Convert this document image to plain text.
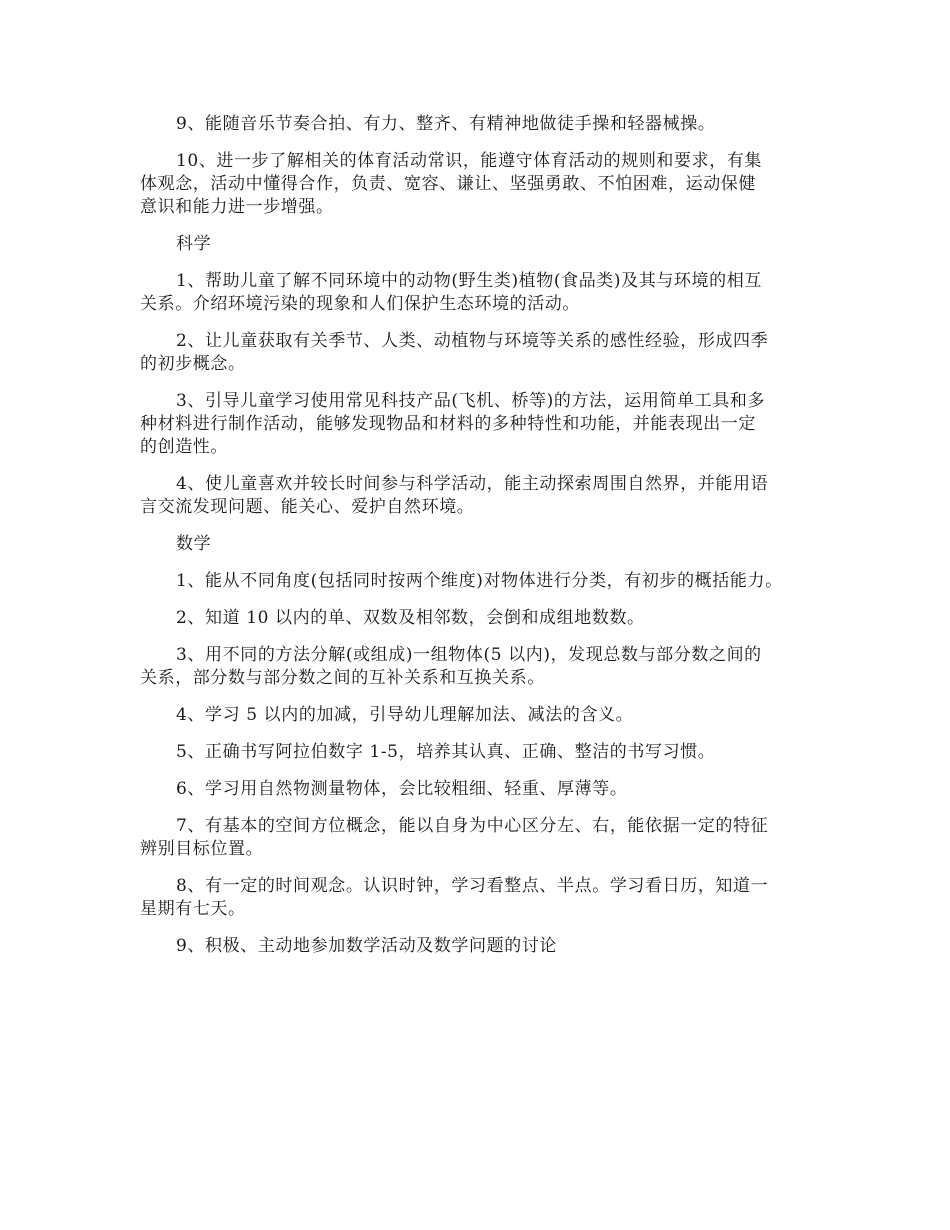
9、能随音乐节奏合拍、有力、整齐、有精神地做徒手操和轻器械操。
10、进一步了解相关的体育活动常识，能遵守体育活动的规则和要求，有集
体观念，活动中懂得合作，负责、宽容、谦让、坚强勇敢、不怕困难，运动保健
意识和能力进一步增强。
科学
1、帮助儿童了解不同环境中的动物(野生类)植物(食品类)及其与环境的相互
关系。介绍环境污染的现象和人们保护生态环境的活动。
2、让儿童获取有关季节、人类、动植物与环境等关系的感性经验，形成四季
的初步概念。
3、引导儿童学习使用常见科技产品(飞机、桥等)的方法，运用简单工具和多
种材料进行制作活动，能够发现物品和材料的多种特性和功能，并能表现出一定
的创造性。
4、使儿童喜欢并较长时间参与科学活动，能主动探索周围自然界，并能用语
言交流发现问题、能关心、爱护自然环境。
数学
1、能从不同角度(包括同时按两个维度)对物体进行分类，有初步的概括能力。
2、知道 10 以内的单、双数及相邻数，会倒和成组地数数。
3、用不同的方法分解(或组成)一组物体(5 以内)，发现总数与部分数之间的
关系，部分数与部分数之间的互补关系和互换关系。
4、学习 5 以内的加减，引导幼儿理解加法、减法的含义。
5、正确书写阿拉伯数字 1-5，培养其认真、正确、整洁的书写习惯。
6、学习用自然物测量物体，会比较粗细、轻重、厚薄等。
7、有基本的空间方位概念，能以自身为中心区分左、右，能依据一定的特征
辨别目标位置。
8、有一定的时间观念。认识时钟，学习看整点、半点。学习看日历，知道一
星期有七天。
9、积极、主动地参加数学活动及数学问题的讨论
